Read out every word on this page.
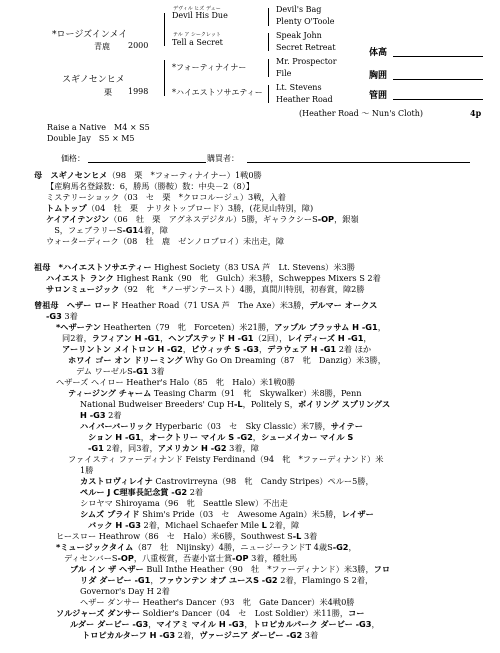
*ロージズインメイ
青鹿 2000
スギノセンヒメ
栗 1998
デヴィル ヒズ デュー
Devil His Due
テル ア シークレット
Tell a Secret
*フォーティナイナー
*ハイエストソサエティー
Devil's Bag
Plenty O'Toole
Speak John
Secret Retreat
Mr. Prospector
File
Lt. Stevens
Heather Road
(Heather Road ～ Nun's Cloth)	4p
体高
胸囲
管囲
Raise a Native　M4 × S5
Double Jay　S5 × M5
価格：	購買者：
母　スギノセンヒメ（98　栗　*フォーティナイナー）1戦0勝
【産駒馬名登録数：6，勝馬（勝鞍）数：中央－2（8）】
ミステリーショック（03　セ　栗　*クロコルージュ）3戦，入着
トムトップ（04　牡　栗　ナリタトップロード）3勝，(花見山特別，障)
ケイアイテンジン（06　牡　栗　アグネスデジタル）5勝，ギャラクシーS-OP，銀嶺
　S，フェブラリーS-G14着，障
ウォーターディーク（08　牡　鹿　ゼンノロブロイ）未出走，障
祖母　*ハイエストソサエティー Highest Society（83 USA 芦　Lt. Stevens）米3勝
ハイエスト ランク Highest Rank（90　牝　Gulch）米3勝，Schweppes Mixers S 2着
サロンミュージック（92　牝　*ノーザンテースト）4勝，真間川特別，初春賞，障2勝
曾祖母　ヘザー ロード Heather Road（71 USA 芦　The Axe）米3勝，デルマー オークス
-G3 3着
*ヘザーテン Heatherten（79　牝　Forceten）米21勝，アップル ブラッサム H -G1，
同2着，ラフィアン H -G1，ヘンプステッド H -G1（2回），レイディーズ H -G1，
アーリントン メイトロン H -G2，ビウィッチ S -G3，デラウェア H -G1 2着 ほか
ホワイ ゴー オン ドリーミング Why Go On Dreaming（87　牝　Danzig）米3勝，
デム ワーゼルS-G1 3着
ヘザーズ ヘイロー Heather's Halo（85　牝　Halo）米1戦0勝
ティージング チャーム Teasing Charm（91　牝　Skywalker）米8勝，Penn
National Budweiser Breeders' Cup H-L，Politely S，ボイリング スプリングス
H -G3 2着
ハイパーバーリック Hyperbaric（03　セ　Sky Classic）米7勝，サイテー
ション H -G1，オークトリー マイル S -G2，シューメイカー マイル S
-G1 2着，同3着，アメリカン H -G2 3着，障
ファイスティ ファーディナンド Feisty Ferdinand（94　牝　*ファーディナンド）米
1勝
カストロヴィレイナ Castrovirreyna（98　牝　Candy Stripes）ペルー5勝，
ペルー J C理事長記念賞 -G2 2着
シロヤマ Shiroyama（96　牝　Seattle Slew）不出走
シムズ プライド Shim's Pride（03　セ　Awesome Again）米5勝，レイザー
バック H -G3 2着，Michael Schaefer Mile L 2着，障
ヒースロー Heathrow（86　セ　Halo）米6勝，Southwest S-L 3着
*ミュージックタイム（87　牡　Nijinsky）4勝，ニュージーランドT 4歳S-G2，
ディセンバーS-OP，八重桜賞，吾妻小富士賞-OP 3着，種牡馬
ブル イン ザ ヘザー Bull Inthe Heather（90　牡　*ファーディナンド）米3勝，フロ
リダ ダービー -G1，ファウンテン オブ ユースS -G2 2着，Flamingo S 2着，
Governor's Day H 2着
ヘザー ダンサー Heather's Dancer（93　牝　Gate Dancer）米4戦0勝
ソルジャーズ ダンサー Soldier's Dancer（04　セ　Lost Soldier）米11勝，コー
ルダー ダービー -G3，マイアミ マイル H -G3，トロピカルパーク ダービー -G3，
トロピカルターフ H -G3 2着，ヴァージニア ダービー -G2 3着
